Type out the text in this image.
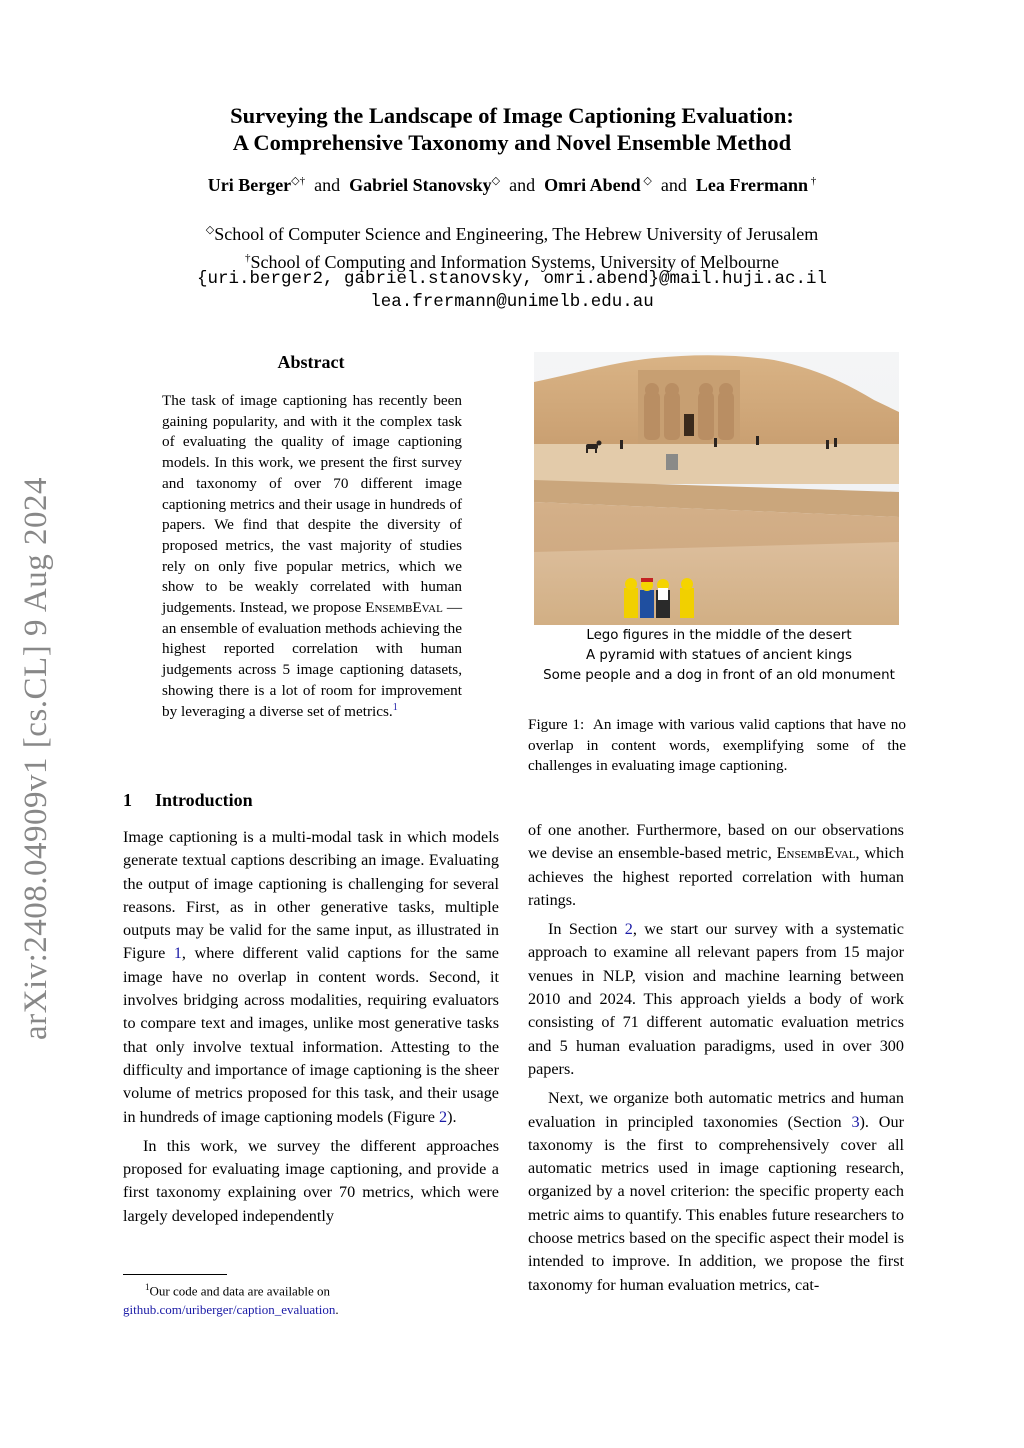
arXiv:2408.04909v1 [cs.CL] 9 Aug 2024
Surveying the Landscape of Image Captioning Evaluation:
A Comprehensive Taxonomy and Novel Ensemble Method
Uri Berger◇† and Gabriel Stanovsky◇ and Omri Abend ◇ and Lea Frermann †
◇School of Computer Science and Engineering, The Hebrew University of Jerusalem
†School of Computing and Information Systems, University of Melbourne
{uri.berger2, gabriel.stanovsky, omri.abend}@mail.huji.ac.il
lea.frermann@unimelb.edu.au
Abstract
The task of image captioning has recently been gaining popularity, and with it the complex task of evaluating the quality of image captioning models. In this work, we present the first survey and taxonomy of over 70 different image captioning metrics and their usage in hundreds of papers. We find that despite the diversity of proposed metrics, the vast majority of studies rely on only five popular metrics, which we show to be weakly correlated with human judgements. Instead, we propose EnsembEval — an ensemble of evaluation methods achieving the highest reported correlation with human judgements across 5 image captioning datasets, showing there is a lot of room for improvement by leveraging a diverse set of metrics.$^1$
1 Introduction

Image captioning is a multi-modal task in which models generate textual captions describing an image. Evaluating the output of image captioning is challenging for several reasons. First, as in other generative tasks, multiple outputs may be valid for the same input, as illustrated in Figure 1, where different valid captions for the same image have no overlap in content words. Second, it involves bridging across modalities, requiring evaluators to compare text and images, unlike most generative tasks that only involve textual information. Attesting to the difficulty and importance of image captioning is the sheer volume of metrics proposed for this task, and their usage in hundreds of image captioning models (Figure 2).

In this work, we survey the different approaches proposed for evaluating image captioning, and provide a first taxonomy explaining over 70 metrics, which were largely developed independently

$^1$Our code and data are available on
github.com/uriberger/caption_evaluation.
Lego figures in the middle of the desert
A pyramid with statues of ancient kings
Some people and a dog in front of an old monument
Figure 1: An image with various valid captions that have no overlap in content words, exemplifying some of the challenges in evaluating image captioning.

of one another. Furthermore, based on our observations we devise an ensemble-based metric, EnsembEval, which achieves the highest reported correlation with human ratings.

In Section 2, we start our survey with a systematic approach to examine all relevant papers from 15 major venues in NLP, vision and machine learning between 2010 and 2024. This approach yields a body of work consisting of 71 different automatic evaluation metrics and 5 human evaluation paradigms, used in over 300 papers.

Next, we organize both automatic metrics and human evaluation in principled taxonomies (Section 3). Our taxonomy is the first to comprehensively cover all automatic metrics used in image captioning research, organized by a novel criterion: the specific property each metric aims to quantify. This enables future researchers to choose metrics based on the specific aspect their model is intended to improve. In addition, we propose the first taxonomy for human evaluation metrics, cat-
